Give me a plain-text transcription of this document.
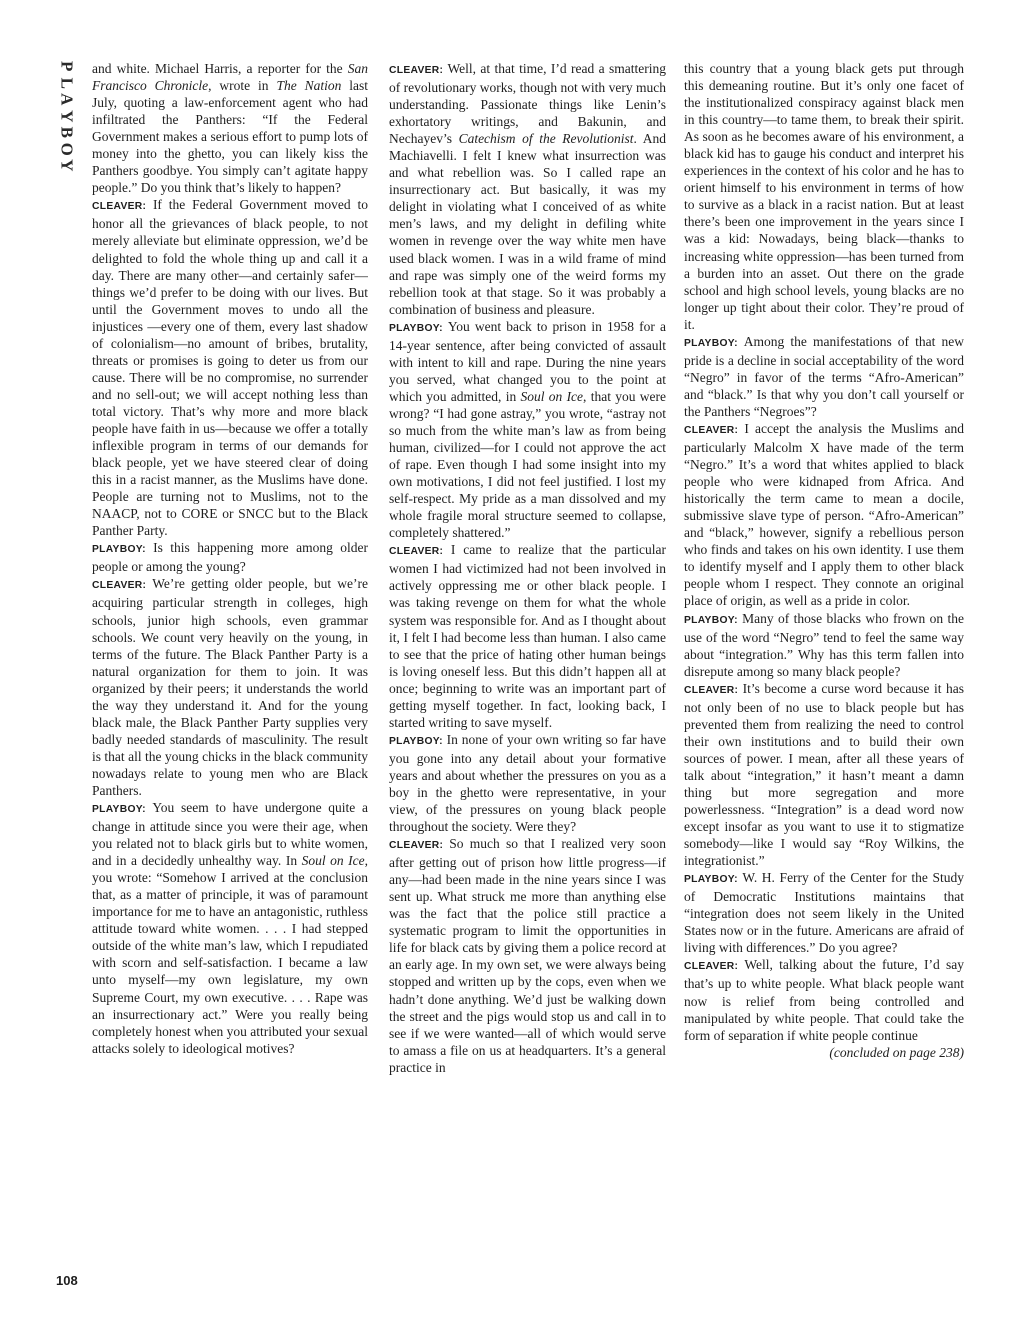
P
L
A
Y
B
O
Y

and white. Michael Harris, a reporter for the San Francisco Chronicle, wrote in The Nation last July, quoting a law-enforcement agent who had infiltrated the Panthers: “If the Federal Government makes a serious effort to pump lots of money into the ghetto, you can likely kiss the Panthers goodbye. You simply can’t agitate happy people.” Do you think that’s likely to happen?

CLEAVER: If the Federal Government moved to honor all the grievances of black people, to not merely alleviate but eliminate oppression, we’d be delighted to fold the whole thing up and call it a day. There are many other—and certainly safer—things we’d prefer to be doing with our lives. But until the Government moves to undo all the injustices —every one of them, every last shadow of colonialism—no amount of bribes, brutality, threats or promises is going to deter us from our cause. There will be no compromise, no surrender and no sell-out; we will accept nothing less than total victory. That’s why more and more black people have faith in us—because we offer a totally inflexible program in terms of our demands for black people, yet we have steered clear of doing this in a racist manner, as the Muslims have done. People are turning not to Muslims, not to the NAACP, not to CORE or SNCC but to the Black Panther Party.

PLAYBOY: Is this happening more among older people or among the young?

CLEAVER: We’re getting older people, but we’re acquiring particular strength in colleges, high schools, junior high schools, even grammar schools. We count very heavily on the young, in terms of the future. The Black Panther Party is a natural organization for them to join. It was organized by their peers; it understands the world the way they understand it. And for the young black male, the Black Panther Party supplies very badly needed standards of masculinity. The result is that all the young chicks in the black community nowadays relate to young men who are Black Panthers.

PLAYBOY: You seem to have undergone quite a change in attitude since you were their age, when you related not to black girls but to white women, and in a decidedly unhealthy way. In Soul on Ice, you wrote: “Somehow I arrived at the conclusion that, as a matter of principle, it was of paramount importance for me to have an antagonistic, ruthless attitude toward white women. . . . I had stepped outside of the white man’s law, which I repudiated with scorn and self-satisfaction. I became a law unto myself—my own legislature, my own Supreme Court, my own executive. . . . Rape was an insurrectionary act.” Were you really being completely honest when you attributed your sexual attacks solely to ideological motives?

CLEAVER: Well, at that time, I’d read a smattering of revolutionary works, though not with very much understanding. Passionate things like Lenin’s exhortatory writings, and Bakunin, and Nechayev’s Catechism of the Revolutionist. And Machiavelli. I felt I knew what insurrection was and what rebellion was. So I called rape an insurrectionary act. But basically, it was my delight in violating what I conceived of as white men’s laws, and my delight in defiling white women in revenge over the way white men have used black women. I was in a wild frame of mind and rape was simply one of the weird forms my rebellion took at that stage. So it was probably a combination of business and pleasure.

PLAYBOY: You went back to prison in 1958 for a 14-year sentence, after being convicted of assault with intent to kill and rape. During the nine years you served, what changed you to the point at which you admitted, in Soul on Ice, that you were wrong? “I had gone astray,” you wrote, “astray not so much from the white man’s law as from being human, civilized—for I could not approve the act of rape. Even though I had some insight into my own motivations, I did not feel justified. I lost my self-respect. My pride as a man dissolved and my whole fragile moral structure seemed to collapse, completely shattered.”

CLEAVER: I came to realize that the particular women I had victimized had not been involved in actively oppressing me or other black people. I was taking revenge on them for what the whole system was responsible for. And as I thought about it, I felt I had become less than human. I also came to see that the price of hating other human beings is loving oneself less. But this didn’t happen all at once; beginning to write was an important part of getting myself together. In fact, looking back, I started writing to save myself.

PLAYBOY: In none of your own writing so far have you gone into any detail about your formative years and about whether the pressures on you as a boy in the ghetto were representative, in your view, of the pressures on young black people throughout the society. Were they?

CLEAVER: So much so that I realized very soon after getting out of prison how little progress—if any—had been made in the nine years since I was sent up. What struck me more than anything else was the fact that the police still practice a systematic program to limit the opportunities in life for black cats by giving them a police record at an early age. In my own set, we were always being stopped and written up by the cops, even when we hadn’t done anything. We’d just be walking down the street and the pigs would stop us and call in to see if we were wanted—all of which would serve to amass a file on us at headquarters. It’s a general practice in

this country that a young black gets put through this demeaning routine. But it’s only one facet of the institutionalized conspiracy against black men in this country—to tame them, to break their spirit. As soon as he becomes aware of his environment, a black kid has to gauge his conduct and interpret his experiences in the context of his color and he has to orient himself to his environment in terms of how to survive as a black in a racist nation. But at least there’s been one improvement in the years since I was a kid: Nowadays, being black—thanks to increasing white oppression—has been turned from a burden into an asset. Out there on the grade school and high school levels, young blacks are no longer up tight about their color. They’re proud of it.

PLAYBOY: Among the manifestations of that new pride is a decline in social acceptability of the word “Negro” in favor of the terms “Afro-American” and “black.” Is that why you don’t call yourself or the Panthers “Negroes”?

CLEAVER: I accept the analysis the Muslims and particularly Malcolm X have made of the term “Negro.” It’s a word that whites applied to black people who were kidnaped from Africa. And historically the term came to mean a docile, submissive slave type of person. “Afro-American” and “black,” however, signify a rebellious person who finds and takes on his own identity. I use them to identify myself and I apply them to other black people whom I respect. They connote an original place of origin, as well as a pride in color.

PLAYBOY: Many of those blacks who frown on the use of the word “Negro” tend to feel the same way about “integration.” Why has this term fallen into disrepute among so many black people?

CLEAVER: It’s become a curse word because it has not only been of no use to black people but has prevented them from realizing the need to control their own institutions and to build their own sources of power. I mean, after all these years of talk about “integration,” it hasn’t meant a damn thing but more segregation and more powerlessness. “Integration” is a dead word now except insofar as you want to use it to stigmatize somebody—like I would say “Roy Wilkins, the integrationist.”

PLAYBOY: W. H. Ferry of the Center for the Study of Democratic Institutions maintains that “integration does not seem likely in the United States now or in the future. Americans are afraid of living with differences.” Do you agree?

CLEAVER: Well, talking about the future, I’d say that’s up to white people. What black people want now is relief from being controlled and manipulated by white people. That could take the form of separation if white people continue

(concluded on page 238)

108
